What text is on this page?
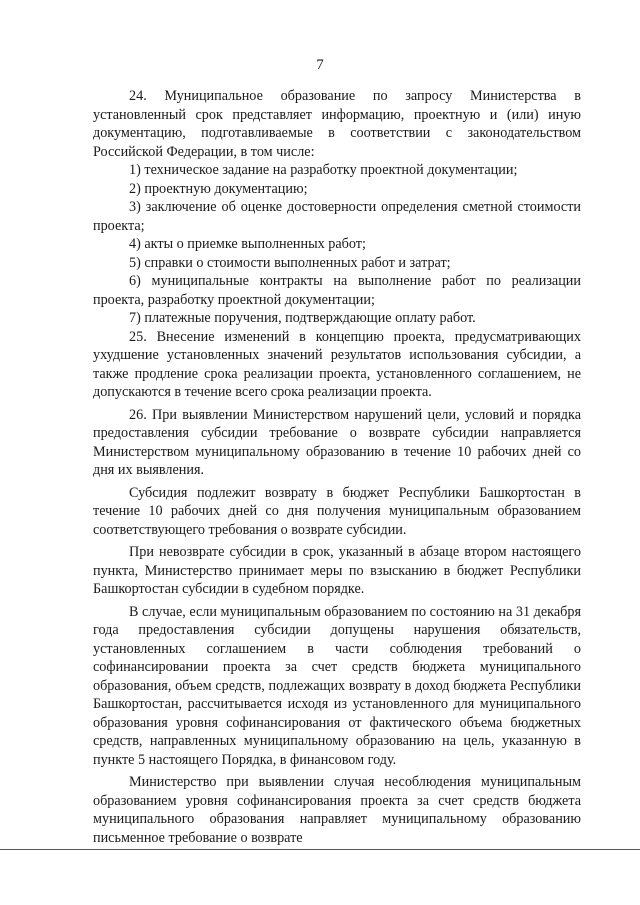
7

24. Муниципальное образование по запросу Министерства в установленный срок представляет информацию, проектную и (или) иную документацию, подготавливаемые в соответствии с законодательством Российской Федерации, в том числе:

1) техническое задание на разработку проектной документации;

2) проектную документацию;

3) заключение об оценке достоверности определения сметной стоимости проекта;

4) акты о приемке выполненных работ;

5) справки о стоимости выполненных работ и затрат;

6) муниципальные контракты на выполнение работ по реализации проекта, разработку проектной документации;

7) платежные поручения, подтверждающие оплату работ.

25. Внесение изменений в концепцию проекта, предусматривающих ухудшение установленных значений результатов использования субсидии, а также продление срока реализации проекта, установленного соглашением, не допускаются в течение всего срока реализации проекта.

26. При выявлении Министерством нарушений цели, условий и порядка предоставления субсидии требование о возврате субсидии направляется Министерством муниципальному образованию в течение 10 рабочих дней со дня их выявления.

Субсидия подлежит возврату в бюджет Республики Башкортостан в течение 10 рабочих дней со дня получения муниципальным образованием соответствующего требования о возврате субсидии.

При невозврате субсидии в срок, указанный в абзаце втором настоящего пункта, Министерство принимает меры по взысканию в бюджет Республики Башкортостан субсидии в судебном порядке.

В случае, если муниципальным образованием по состоянию на 31 декабря года предоставления субсидии допущены нарушения обязательств, установленных соглашением в части соблюдения требований о софинансировании проекта за счет средств бюджета муниципального образования, объем средств, подлежащих возврату в доход бюджета Республики Башкортостан, рассчитывается исходя из установленного для муниципального образования уровня софинансирования от фактического объема бюджетных средств, направленных муниципальному образованию на цель, указанную в пункте 5 настоящего Порядка, в финансовом году.

Министерство при выявлении случая несоблюдения муниципальным образованием уровня софинансирования проекта за счет средств бюджета муниципального образования направляет муниципальному образованию письменное требование о возврате
